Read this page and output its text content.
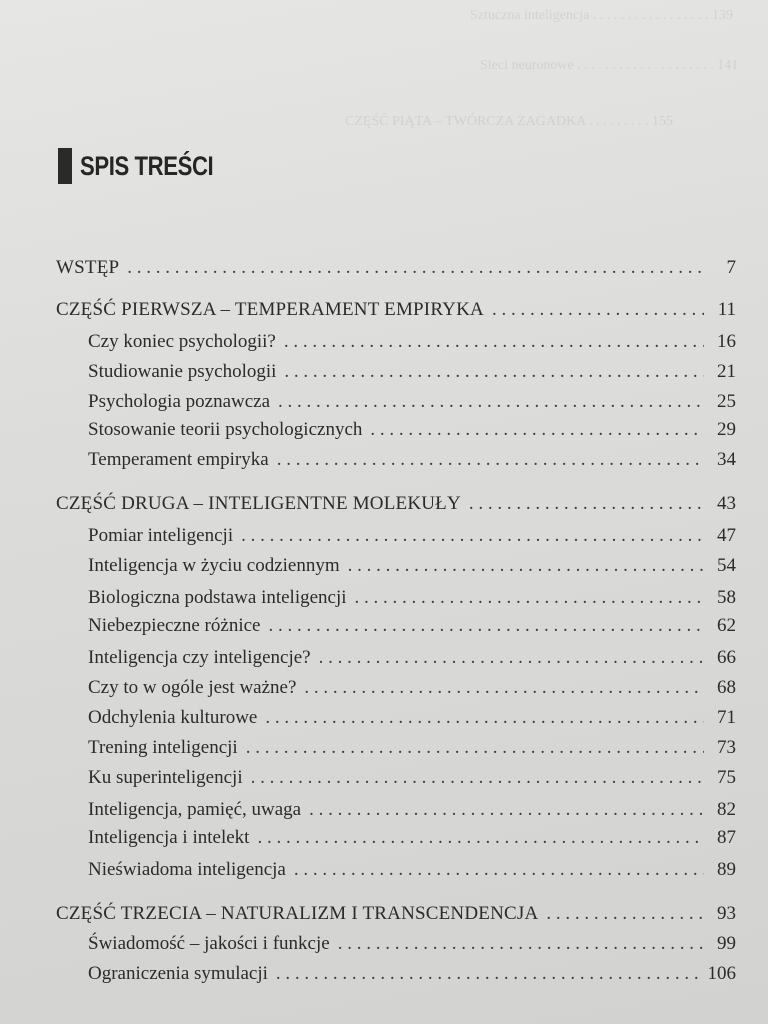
Sztuczna inteligencja . . . . . . . . . . . . . . . . . 139
Sieci neuronowe . . . . . . . . . . . . . . . . . . . . 141
CZĘŚĆ PIĄTA – TWÓRCZA ZAGADKA . . . . . . . . . 155
SPIS TREŚCI
WSTĘP . . .	7
CZĘŚĆ PIERWSZA – TEMPERAMENT EMPIRYKA . . .	11
Czy koniec psychologii? . . .	16
Studiowanie psychologii . . .	21
Psychologia poznawcza . . .	25
Stosowanie teorii psychologicznych . . .	29
Temperament empiryka . . .	34
CZĘŚĆ DRUGA – INTELIGENTNE MOLEKUŁY . . .	43
Pomiar inteligencji . . .	47
Inteligencja w życiu codziennym . . .	54
Biologiczna podstawa inteligencji . . .	58
Niebezpieczne różnice . . .	62
Inteligencja czy inteligencje? . . .	66
Czy to w ogóle jest ważne? . . .	68
Odchylenia kulturowe . . .	71
Trening inteligencji . . .	73
Ku superinteligencji . . .	75
Inteligencja, pamięć, uwaga . . .	82
Inteligencja i intelekt . . .	87
Nieświadoma inteligencja . . .	89
CZĘŚĆ TRZECIA – NATURALIZM I TRANSCENDENCJA . . .	93
Świadomość – jakości i funkcje . . .	99
Ograniczenia symulacji . . .	106
